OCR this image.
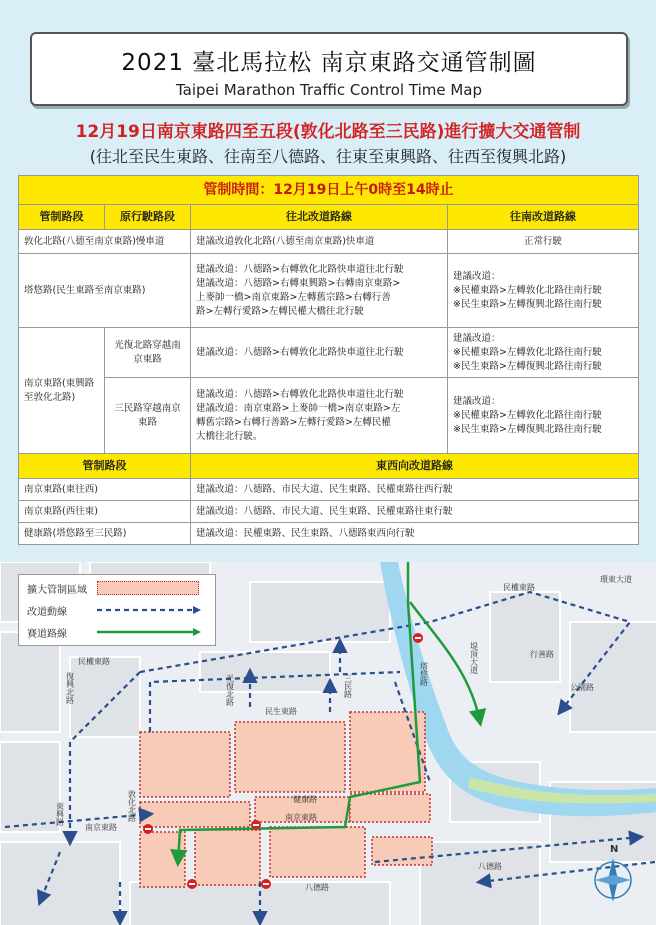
2021 臺北馬拉松 南京東路交通管制圖
Taipei Marathon Traffic Control Time Map
12月19日南京東路四至五段(敦化北路至三民路)進行擴大交通管制
(往北至民生東路、往南至八德路、往東至東興路、往西至復興北路)
管制時間：12月19日上午0時至14時止			
管制路段	原行駛路段	往北改道路線	往南改道路線
敦化北路(八德至南京東路)慢車道		建議改道敦化北路(八德至南京東路)快車道	正常行駛
塔悠路(民生東路至南京東路)		建議改道：八德路>右轉敦化北路快車道往北行駛
建議改道：八德路>右轉東興路>右轉南京東路>
上麥帥一橋>南京東路>左轉舊宗路>右轉行善
路>左轉行愛路>左轉民權大橋往北行駛	建議改道：
※民權東路>左轉敦化北路往南行駛
※民生東路>左轉復興北路往南行駛
南京東路(東興路至敦化北路)	光復北路穿越南京東路	建議改道：八德路>右轉敦化北路快車道往北行駛	建議改道：
※民權東路>左轉敦化北路往南行駛
※民生東路>左轉復興北路往南行駛
	三民路穿越南京東路	建議改道：八德路>右轉敦化北路快車道往北行駛
建議改道：南京東路>上麥帥一橋>南京東路>左
轉舊宗路>右轉行善路>左轉行愛路>左轉民權
大橋往北行駛。	建議改道：
※民權東路>左轉敦化北路往南行駛
※民生東路>左轉復興北路往南行駛
管制路段		東西向改道路線	
南京東路(東往西)		建議改道：八德路、市民大道、民生東路、民權東路往西行駛	
南京東路(西往東)		建議改道：八德路、市民大道、民生東路、民權東路往東行駛	
健康路(塔悠路至三民路)		建議改道：民權東路、民生東路、八德路東西向行駛	
民權東路
民權東路
民生東路
南京東路
南京東路
八德路
八德路
公園路
健康路
行善路
環東大道
N
復興北路
敦化北路
光復北路	三民路	塔悠路	堤頂大道
東興路
擴大管制區域
改道動線
賽道路線
